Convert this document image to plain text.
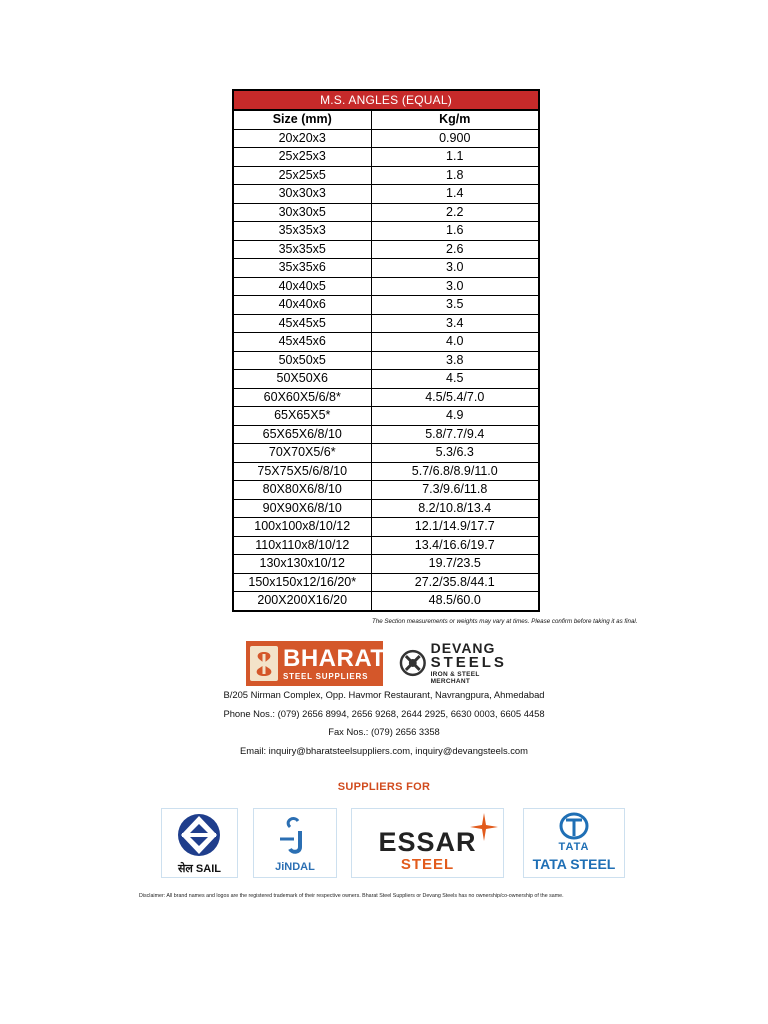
M.S. ANGLES (EQUAL)	
Size (mm)	Kg/m
20x20x3	0.900
25x25x3	1.1
25x25x5	1.8
30x30x3	1.4
30x30x5	2.2
35x35x3	1.6
35x35x5	2.6
35x35x6	3.0
40x40x5	3.0
40x40x6	3.5
45x45x5	3.4
45x45x6	4.0
50x50x5	3.8
50X50X6	4.5
60X60X5/6/8*	4.5/5.4/7.0
65X65X5*	4.9
65X65X6/8/10	5.8/7.7/9.4
70X70X5/6*	5.3/6.3
75X75X5/6/8/10	5.7/6.8/8.9/11.0
80X80X6/8/10	7.3/9.6/11.8
90X90X6/8/10	8.2/10.8/13.4
100x100x8/10/12	12.1/14.9/17.7
110x110x8/10/12	13.4/16.6/19.7
130x130x10/12	19.7/23.5
150x150x12/16/20*	27.2/35.8/44.1
200X200X16/20	48.5/60.0
The Section measurements or weights may vary at times. Please confirm before taking it as final.
BHARAT
STEEL SUPPLIERS
DEVANG
STEELS
IRON & STEEL MERCHANT
B/205 Nirman Complex, Opp. Havmor Restaurant, Navrangpura, Ahmedabad
Phone Nos.: (079) 2656 8994, 2656 9268, 2644 2925, 6630 0003, 6605 4458
Fax Nos.: (079) 2656 3358
Email: inquiry@bharatsteelsuppliers.com, inquiry@devangsteels.com
SUPPLIERS FOR
सेल SAIL	JiNDAL
ESSAR
STEEL
TATA
TATA STEEL
Disclaimer: All brand names and logos are the registered trademark of their respective owners. Bharat Steel Suppliers or Devang Steels has no ownership/co-ownership of the same.
